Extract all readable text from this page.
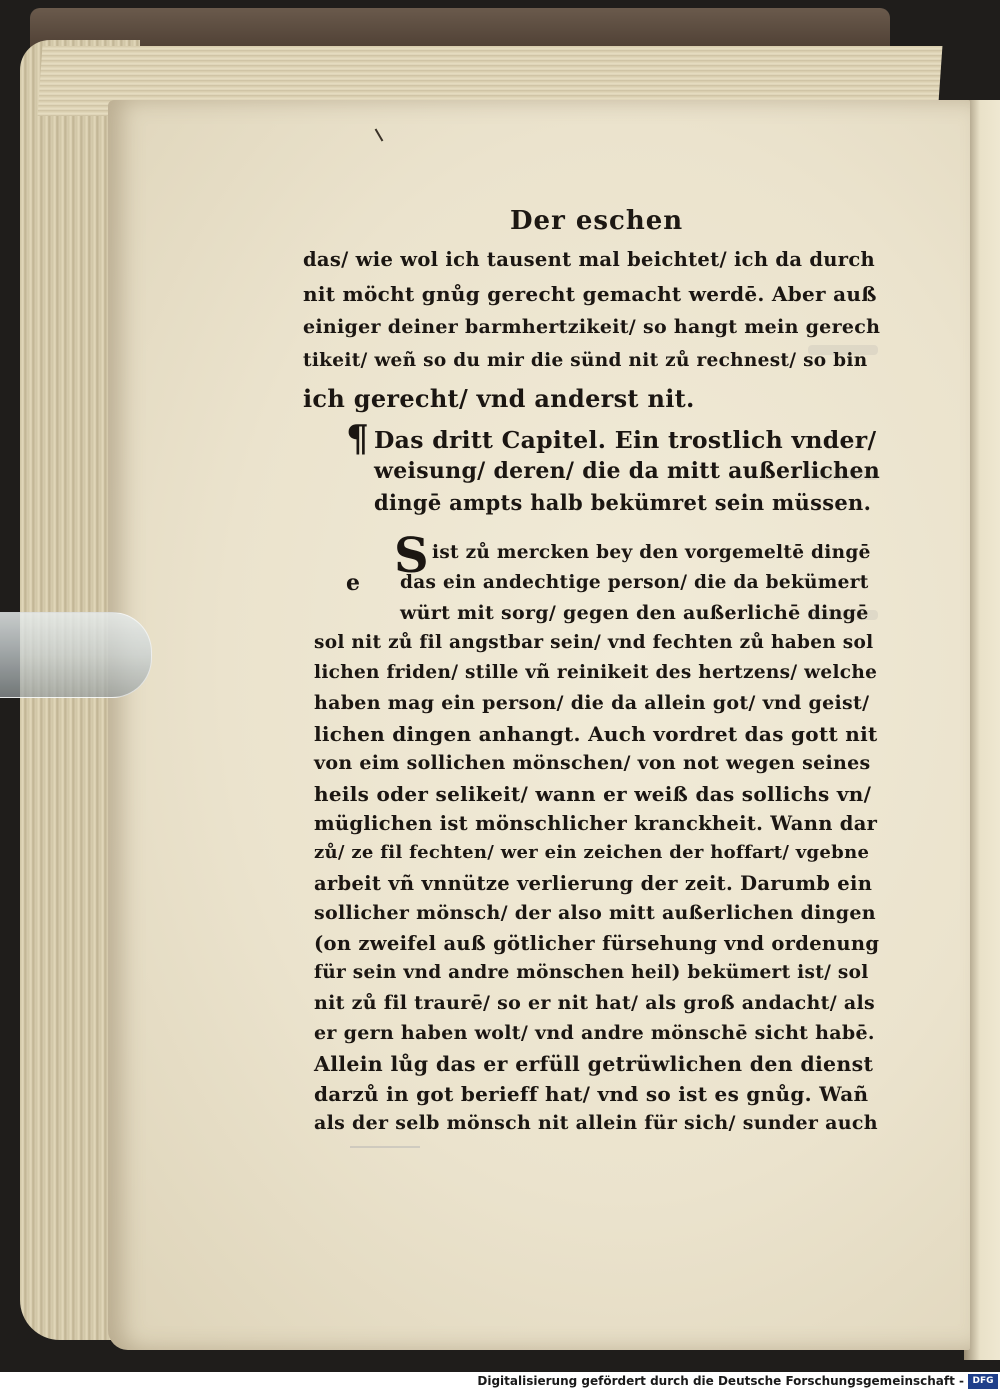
Der eschen
das/ wie wol ich tausent mal beichtet/ ich da durch
nit möcht gnůg gerecht gemacht werdē. Aber auß
einiger deiner barmhertzikeit/ so hangt mein gerech
tikeit/ weñ so du mir die sünd nit zů rechnest/ so bin
ich gerecht/ vnd anderst nit.
¶ Das dritt Capitel. Ein trostlich vnder/
weisung/ deren/ die da mitt außerlichen
dingē ampts halb bekümret sein müssen.
S
e
ist zů mercken bey den vorgemeltē dingē
das ein andechtige person/ die da bekümert
würt mit sorg/ gegen den außerlichē dingē
sol nit zů fil angstbar sein/ vnd fechten zů haben sol
lichen friden/ stille vñ reinikeit des hertzens/ welche
haben mag ein person/ die da allein got/ vnd geist/
lichen dingen anhangt. Auch vordret das gott nit
von eim sollichen mönschen/ von not wegen seines
heils oder selikeit/ wann er weiß das sollichs vn/
müglichen ist mönschlicher kranckheit. Wann dar
zů/ ze fil fechten/ wer ein zeichen der hoffart/ vgebne
arbeit vñ vnnütze verlierung der zeit. Darumb ein
sollicher mönsch/ der also mitt außerlichen dingen
(on zweifel auß götlicher fürsehung vnd ordenung
für sein vnd andre mönschen heil) bekümert ist/ sol
nit zů fil traurē/ so er nit hat/ als groß andacht/ als
er gern haben wolt/ vnd andre mönschē sicht habē.
Allein lůg das er erfüll getrüwlichen den dienst
darzů in got berieff hat/ vnd so ist es gnůg. Wañ
als der selb mönsch nit allein für sich/ sunder auch
Digitalisierung gefördert durch die Deutsche Forschungsgemeinschaft - DFG
